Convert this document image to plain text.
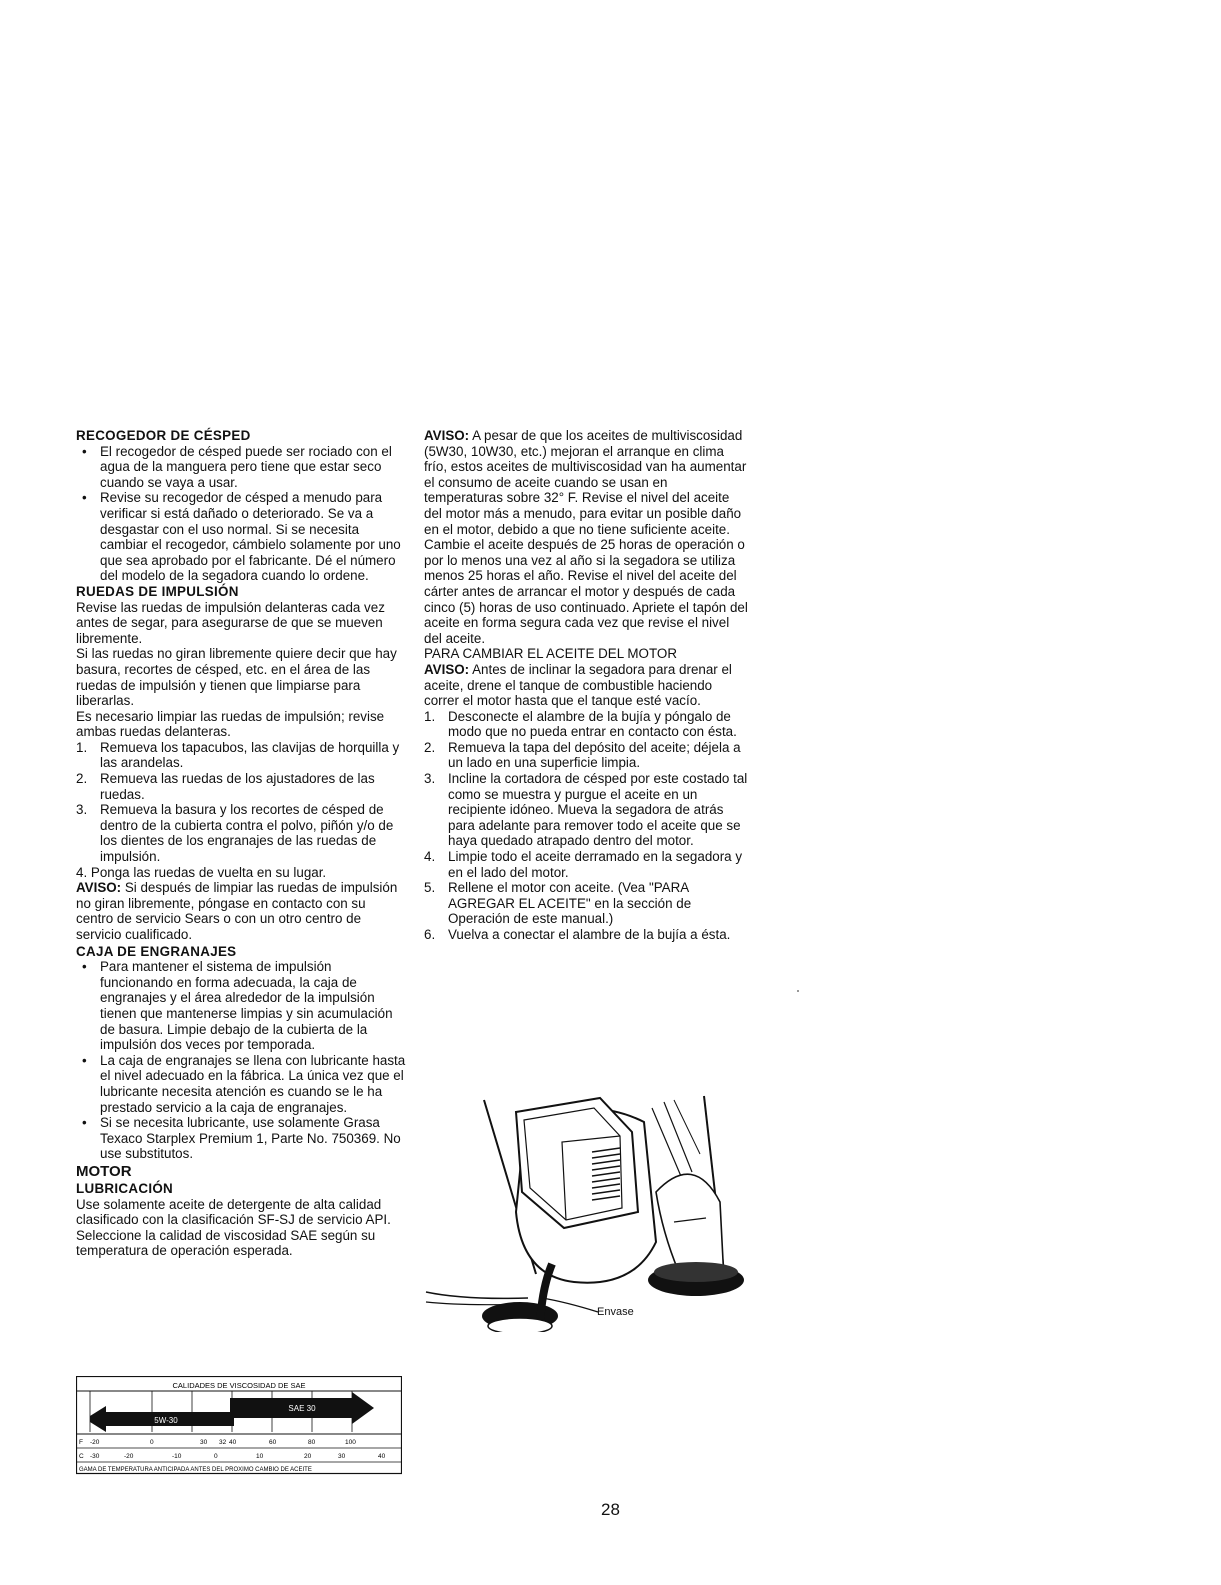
RECOGEDOR DE CÉSPED
• El recogedor de césped puede ser rociado con el agua de la manguera pero tiene que estar seco cuando se vaya a usar.
• Revise su recogedor de césped a menudo para verificar si está dañado o deteriorado. Se va a desgastar con el uso normal. Si se necesita cambiar el recogedor, cámbielo solamente por uno que sea aprobado por el fabricante. Dé el número del modelo de la segadora cuando lo ordene.
RUEDAS DE IMPULSIÓN

Revise las ruedas de impulsión delanteras cada vez antes de segar, para asegurarse de que se mueven libremente.

Si las ruedas no giran libremente quiere decir que hay basura, recortes de césped, etc. en el área de las ruedas de impulsión y tienen que limpiarse para liberarlas.

Es necesario limpiar las ruedas de impulsión; revise ambas ruedas delanteras.

1. Remueva los tapacubos, las clavijas de horquilla y las arandelas.
2. Remueva las ruedas de los ajustadores de las ruedas.
3. Remueva la basura y los recortes de césped de dentro de la cubierta contra el polvo, piñón y/o de los dientes de los engranajes de las ruedas de impulsión.
4. Ponga las ruedas de vuelta en su lugar.

AVISO: Si después de limpiar las ruedas de impulsión no giran libremente, póngase en contacto con su centro de servicio Sears o con un otro centro de servicio cualificado.

CAJA DE ENGRANAJES
• Para mantener el sistema de impulsión funcionando en forma adecuada, la caja de engranajes y el área alrededor de la impulsión tienen que mantenerse limpias y sin acumulación de basura. Limpie debajo de la cubierta de la impulsión dos veces por temporada.
• La caja de engranajes se llena con lubricante hasta el nivel adecuado en la fábrica. La única vez que el lubricante necesita atención es cuando se le ha prestado servicio a la caja de engranajes.
• Si se necesita lubricante, use solamente Grasa Texaco Starplex Premium 1, Parte No. 750369. No use substitutos.
MOTOR
LUBRICACIÓN

Use solamente aceite de detergente de alta calidad clasificado con la clasificación SF-SJ de servicio API. Seleccione la calidad de viscosidad SAE según su temperatura de operación esperada.

CALIDADES DE VISCOSIDAD DE SAE
SAE 30
5W-30
F -20	0	30 32 40	60	80	100
C -30	-20	-10	0	10	20	30	40
GAMA DE TEMPERATURA ANTICIPADA ANTES DEL PROXIMO CAMBIO DE ACEITE

AVISO: A pesar de que los aceites de multiviscosidad (5W30, 10W30, etc.) mejoran el arranque en clima frío, estos aceites de multiviscosidad van ha aumentar el consumo de aceite cuando se usan en temperaturas sobre 32° F. Revise el nivel del aceite del motor más a menudo, para evitar un posible daño en el motor, debido a que no tiene suficiente aceite.

Cambie el aceite después de 25 horas de operación o por lo menos una vez al año si la segadora se utiliza menos 25 horas el año. Revise el nivel del aceite del cárter antes de arrancar el motor y después de cada cinco (5) horas de uso continuado. Apriete el tapón del aceite en forma segura cada vez que revise el nivel del aceite.

PARA CAMBIAR EL ACEITE DEL MOTOR

AVISO: Antes de inclinar la segadora para drenar el aceite, drene el tanque de combustible haciendo correr el motor hasta que el tanque esté vacío.

1. Desconecte el alambre de la bujía y póngalo de modo que no pueda entrar en contacto con ésta.
2. Remueva la tapa del depósito del aceite; déjela a un lado en una superficie limpia.
3. Incline la cortadora de césped por este costado tal como se muestra y purgue el aceite en un recipiente idóneo. Mueva la segadora de atrás para adelante para remover todo el aceite que se haya quedado atrapado dentro del motor.
4. Limpie todo el aceite derramado en la segadora y en el lado del motor.
5. Rellene el motor con aceite. (Vea "PARA AGREGAR EL ACEITE" en la sección de Operación de este manual.)
6. Vuelva a conectar el alambre de la bujía a ésta.
Envase
28
